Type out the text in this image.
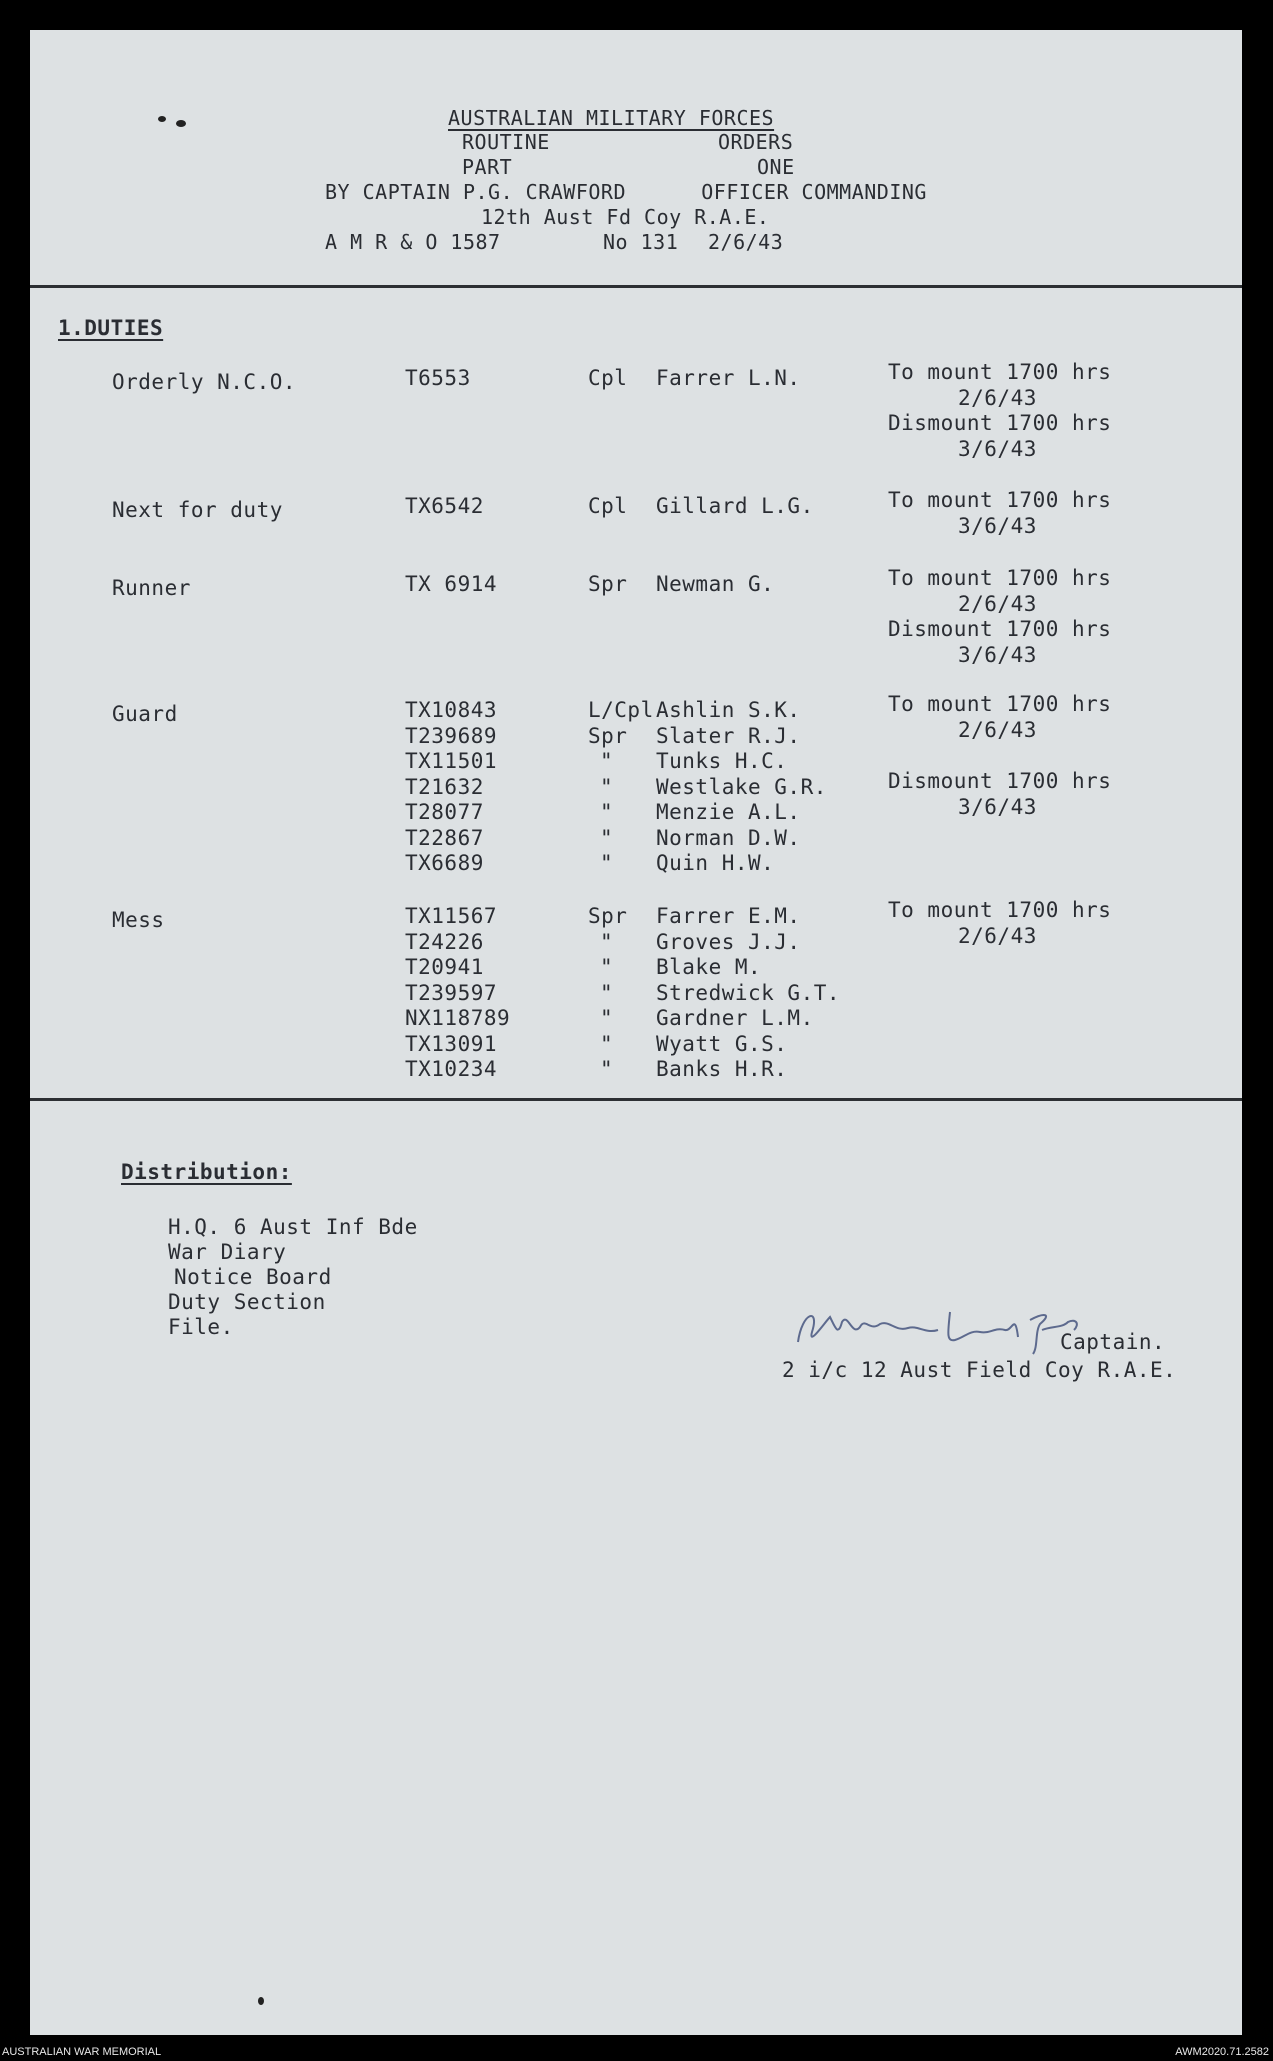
AUSTRALIAN MILITARY FORCES
ROUTINE	ORDERS
PART	ONE
BY CAPTAIN P.G. CRAWFORD      OFFICER COMMANDING
12th Aust Fd Coy R.A.E.
A M R & O 1587	No 131 2/6/43
1.DUTIES
Orderly N.C.O.	T6553	Cpl Farrer L.N.	To mount 1700 hrs
2/6/43
Dismount 1700 hrs
3/6/43
Next for duty	TX6542	Cpl Gillard L.G.	To mount 1700 hrs
3/6/43
Runner	TX 6914	Spr Newman G.	To mount 1700 hrs
2/6/43
Dismount 1700 hrs
3/6/43
Guard	TX10843	L/Cpl Ashlin S.K.
T239689	Spr Slater R.J.
TX11501	" Tunks H.C.
T21632	" Westlake G.R.
T28077	" Menzie A.L.
T22867	" Norman D.W.
TX6689	" Quin H.W.
To mount 1700 hrs
2/6/43
Dismount 1700 hrs
3/6/43
Mess	TX11567	Spr Farrer E.M.
T24226	" Groves J.J.
T20941	" Blake M.
T239597	" Stredwick G.T.
NX118789	" Gardner L.M.
TX13091	" Wyatt G.S.
TX10234	" Banks H.R.
To mount 1700 hrs
2/6/43
Distribution:
H.Q. 6 Aust Inf Bde
War Diary
Notice Board
Duty Section
File.
Captain.
2 i/c 12 Aust Field Coy R.A.E.
AUSTRALIAN WAR MEMORIAL	AWM2020.71.2582
